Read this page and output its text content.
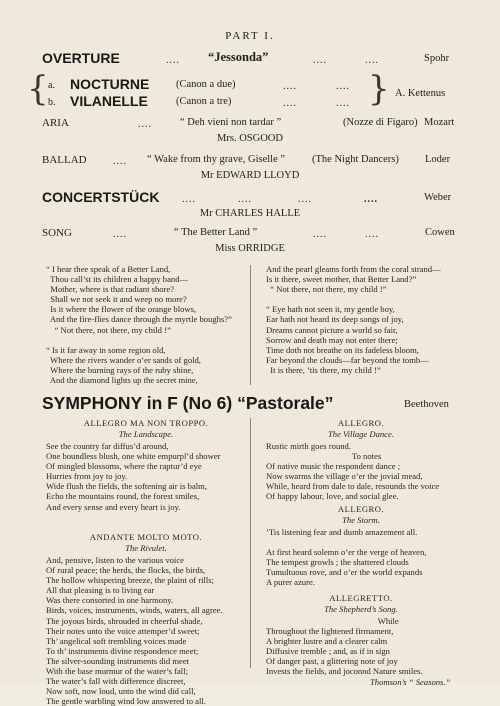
PART I.
OVERTURE	.... “Jessonda”	....	....	Spohr
{ a. NOCTURNE	(Canon a due)	....	....
b. VILANELLE	(Canon a tre)	....	.... } A. Kettenus
ARIA	....	“ Deh vieni non tardar ”	(Nozze di Figaro) Mozart
Mrs. OSGOOD
BALLAD	.... “ Wake from thy grave, Giselle ”	(The Night Dancers) Loder
Mr EDWARD LLOYD
CONCERTSTÜCK ....	....	....	....	Weber
Mr CHARLES HALLE
SONG	....	“ The Better Land ”	....	....	Cowen
Miss ORRIDGE
“ I hear thee speak of a Better Land,
Thou call’st its children a happy band—
Mother, where is that radiant shore?
Shall we not seek it and weep no more?
Is it where the flower of the orange blows,
And the fire-flies dance through the myrtle boughs?”
“ Not there, not there, my child !”

“ Is it far away in some region old,
Where the rivers wander o’er sands of gold,
Where the burning rays of the ruby shine,
And the diamond lights up the secret mine,
And the pearl gleams forth from the coral strand—
Is it there, sweet mother, that Better Land?”
“ Not there, not there, my child !”

“ Eye hath not seen it, my gentle boy,
Ear hath not heard its deep songs of joy,
Dreams cannot picture a world so fair,
Sorrow and death may not enter there;
Time doth not breathe on its fadeless bloom,
Far beyond the clouds—far beyond the tomb—
It is there, ’tis there, my child !”
SYMPHONY in F (No 6) “Pastorale”	Beethoven
ALLEGRO MA NON TROPPO.
The Landscape.
See the country far diffus’d around,
One boundless blush, one white empurpl’d shower
Of mingled blossoms, where the raptur’d eye
Hurries from joy to joy.
Wide flush the fields, the softening air is balm,
Echo the mountains round, the forest smiles,
And every sense and every heart is joy.
ANDANTE MOLTO MOTO.
The Rivulet.
And, pensive, listen to the various voice
Of rural peace; the herds, the flocks, the birds,
The hollow whispering breeze, the plaint of rills;
All that pleasing is to living ear
Was there consorted in one harmony.
Birds, voices, instruments, winds, waters, all agree.
The joyous birds, shrouded in cheerful shade,
Their notes unto the voice attemper’d sweet;
Th’ angelical soft trembling voices made
To th’ instruments divine respondence meet;
The silver-sounding instruments did meet
With the base murmur of the water’s fall;
The water’s fall with difference discreet,
Now soft, now loud, unto the wind did call,
The gentle warbling wind low answered to all.
ALLEGRO.
The Village Dance.
Rustic mirth goes round.
          To notes
Of native music the respondent dance ;
Now swarms the village o’er the jovial mead,
While, heard from dale to dale, resounds the voice
Of happy labour, love, and social glee.
ALLEGRO.
The Storm.
’Tis listening fear and dumb amazement all.

At first heard solemn o’er the verge of heaven,
The tempest growls ; the shattered clouds
Tumultuous rove, and o’er the world expands
A purer azure.
ALLEGRETTO.
The Shepherd’s Song.
             While
Throughout the lightened firmament,
A brighter lustre and a clearer calm
Diffusive tremble ; and, as if in sign
Of danger past, a glittering note of joy
Invests the fields, and joconnd Nature smiles.
Thomson’s “ Seasons.”
